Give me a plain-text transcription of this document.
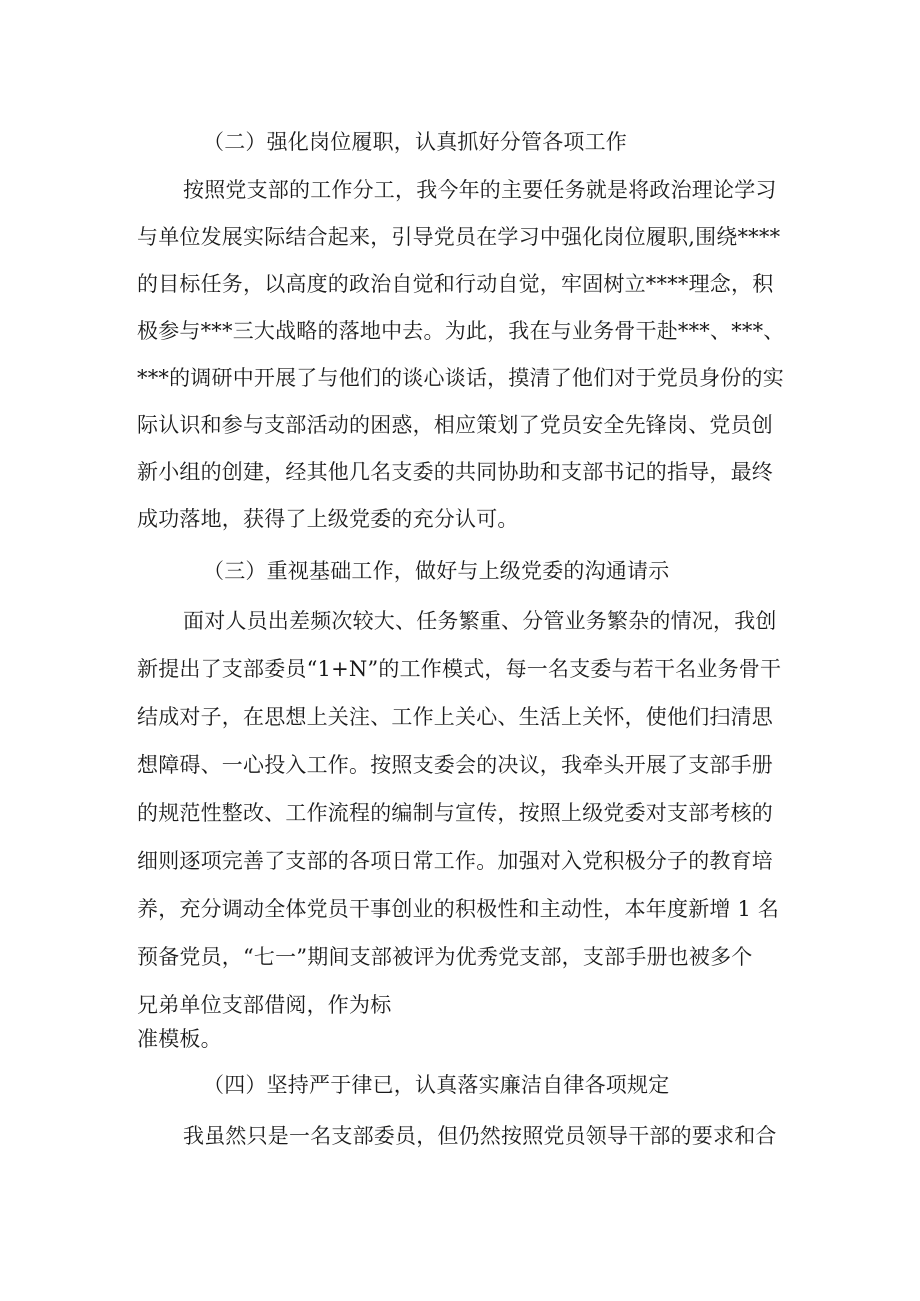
（二）强化岗位履职，认真抓好分管各项工作
按照党支部的工作分工，我今年的主要任务就是将政治理论学习
与单位发展实际结合起来，引导党员在学习中强化岗位履职,围绕****
的目标任务，以高度的政治自觉和行动自觉，牢固树立****理念，积
极参与***三大战略的落地中去。为此，我在与业务骨干赴***、***、
***的调研中开展了与他们的谈心谈话，摸清了他们对于党员身份的实
际认识和参与支部活动的困惑，相应策划了党员安全先锋岗、党员创
新小组的创建，经其他几名支委的共同协助和支部书记的指导，最终
成功落地，获得了上级党委的充分认可。
（三）重视基础工作，做好与上级党委的沟通请示
面对人员出差频次较大、任务繁重、分管业务繁杂的情况，我创
新提出了支部委员“1+N”的工作模式，每一名支委与若干名业务骨干
结成对子，在思想上关注、工作上关心、生活上关怀，使他们扫清思
想障碍、一心投入工作。按照支委会的决议，我牵头开展了支部手册
的规范性整改、工作流程的编制与宣传，按照上级党委对支部考核的
细则逐项完善了支部的各项日常工作。加强对入党积极分子的教育培
养，充分调动全体党员干事创业的积极性和主动性，本年度新增 1 名
预备党员，“七一”期间支部被评为优秀党支部，支部手册也被多个
兄弟单位支部借阅，作为标
准模板。
（四）坚持严于律已，认真落实廉洁自律各项规定
我虽然只是一名支部委员，但仍然按照党员领导干部的要求和合
